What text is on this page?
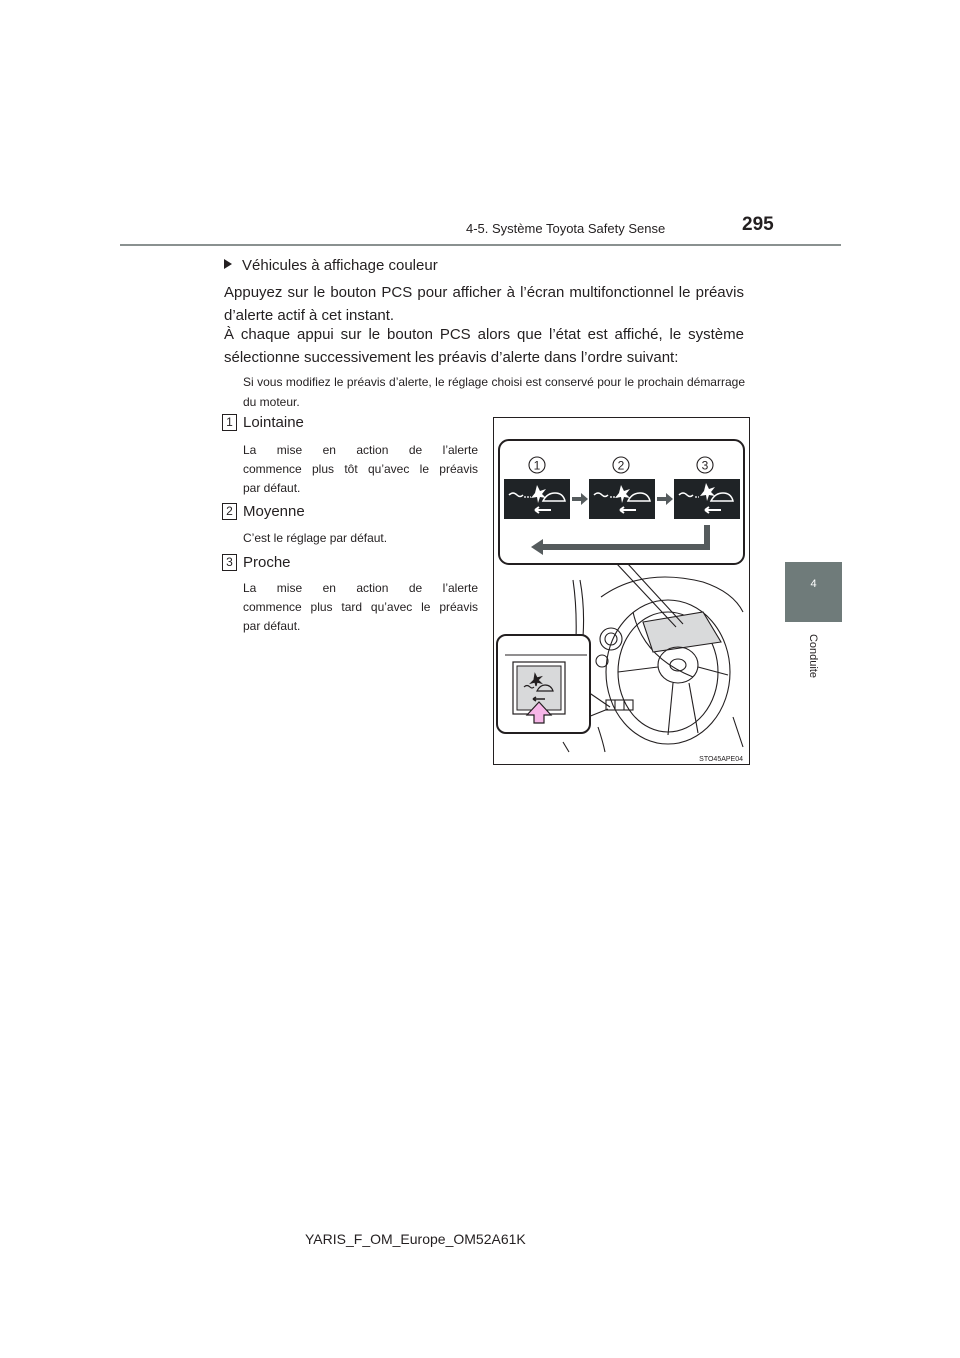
4-5. Système Toyota Safety Sense	295
4
Conduite
Véhicules à affichage couleur
Appuyez sur le bouton PCS pour afficher à l’écran multifonctionnel le préavis
d’alerte actif à cet instant.
À chaque appui sur le bouton PCS alors que l’état est affiché, le système
sélectionne successivement les préavis d’alerte dans l’ordre suivant:
Si vous modifiez le préavis d’alerte, le réglage choisi est conservé pour le prochain démarrage du moteur.
1 Lointaine
La mise en action de l’alerte
commence plus tôt qu’avec le préavis
par défaut.
2 Moyenne
C’est le réglage par défaut.
3 Proche
La mise en action de l’alerte
commence plus tard qu’avec le préavis
par défaut.
1	2	3
STO45APE04
YARIS_F_OM_Europe_OM52A61K
